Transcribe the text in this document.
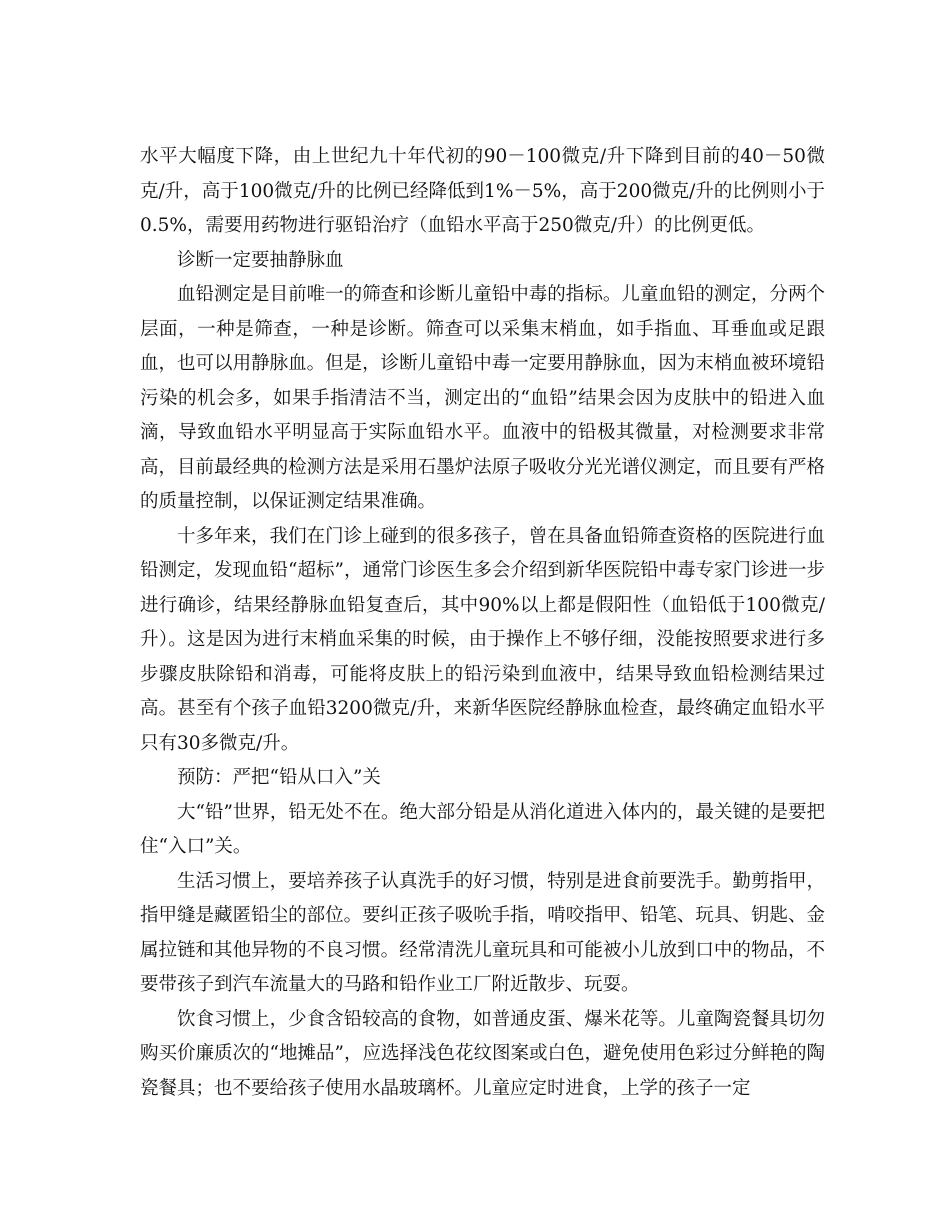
水平大幅度下降，由上世纪九十年代初的90－100微克/升下降到目前的40－50微克/升，高于100微克/升的比例已经降低到1%－5%，高于200微克/升的比例则小于0.5%，需要用药物进行驱铅治疗（血铅水平高于250微克/升）的比例更低。

诊断一定要抽静脉血

血铅测定是目前唯一的筛查和诊断儿童铅中毒的指标。儿童血铅的测定，分两个层面，一种是筛查，一种是诊断。筛查可以采集末梢血，如手指血、耳垂血或足跟血，也可以用静脉血。但是，诊断儿童铅中毒一定要用静脉血，因为末梢血被环境铅污染的机会多，如果手指清洁不当，测定出的“血铅”结果会因为皮肤中的铅进入血滴，导致血铅水平明显高于实际血铅水平。血液中的铅极其微量，对检测要求非常高，目前最经典的检测方法是采用石墨炉法原子吸收分光光谱仪测定，而且要有严格的质量控制，以保证测定结果准确。

十多年来，我们在门诊上碰到的很多孩子，曾在具备血铅筛查资格的医院进行血铅测定，发现血铅“超标”，通常门诊医生多会介绍到新华医院铅中毒专家门诊进一步进行确诊，结果经静脉血铅复查后，其中90%以上都是假阳性（血铅低于100微克/升）。这是因为进行末梢血采集的时候，由于操作上不够仔细，没能按照要求进行多步骤皮肤除铅和消毒，可能将皮肤上的铅污染到血液中，结果导致血铅检测结果过高。甚至有个孩子血铅3200微克/升，来新华医院经静脉血检查，最终确定血铅水平只有30多微克/升。

预防：严把“铅从口入”关

大“铅”世界，铅无处不在。绝大部分铅是从消化道进入体内的，最关键的是要把住“入口”关。

生活习惯上，要培养孩子认真洗手的好习惯，特别是进食前要洗手。勤剪指甲，指甲缝是藏匿铅尘的部位。要纠正孩子吸吮手指，啃咬指甲、铅笔、玩具、钥匙、金属拉链和其他异物的不良习惯。经常清洗儿童玩具和可能被小儿放到口中的物品，不要带孩子到汽车流量大的马路和铅作业工厂附近散步、玩耍。

饮食习惯上，少食含铅较高的食物，如普通皮蛋、爆米花等。儿童陶瓷餐具切勿购买价廉质次的“地摊品”，应选择浅色花纹图案或白色，避免使用色彩过分鲜艳的陶瓷餐具；也不要给孩子使用水晶玻璃杯。儿童应定时进食，上学的孩子一定
